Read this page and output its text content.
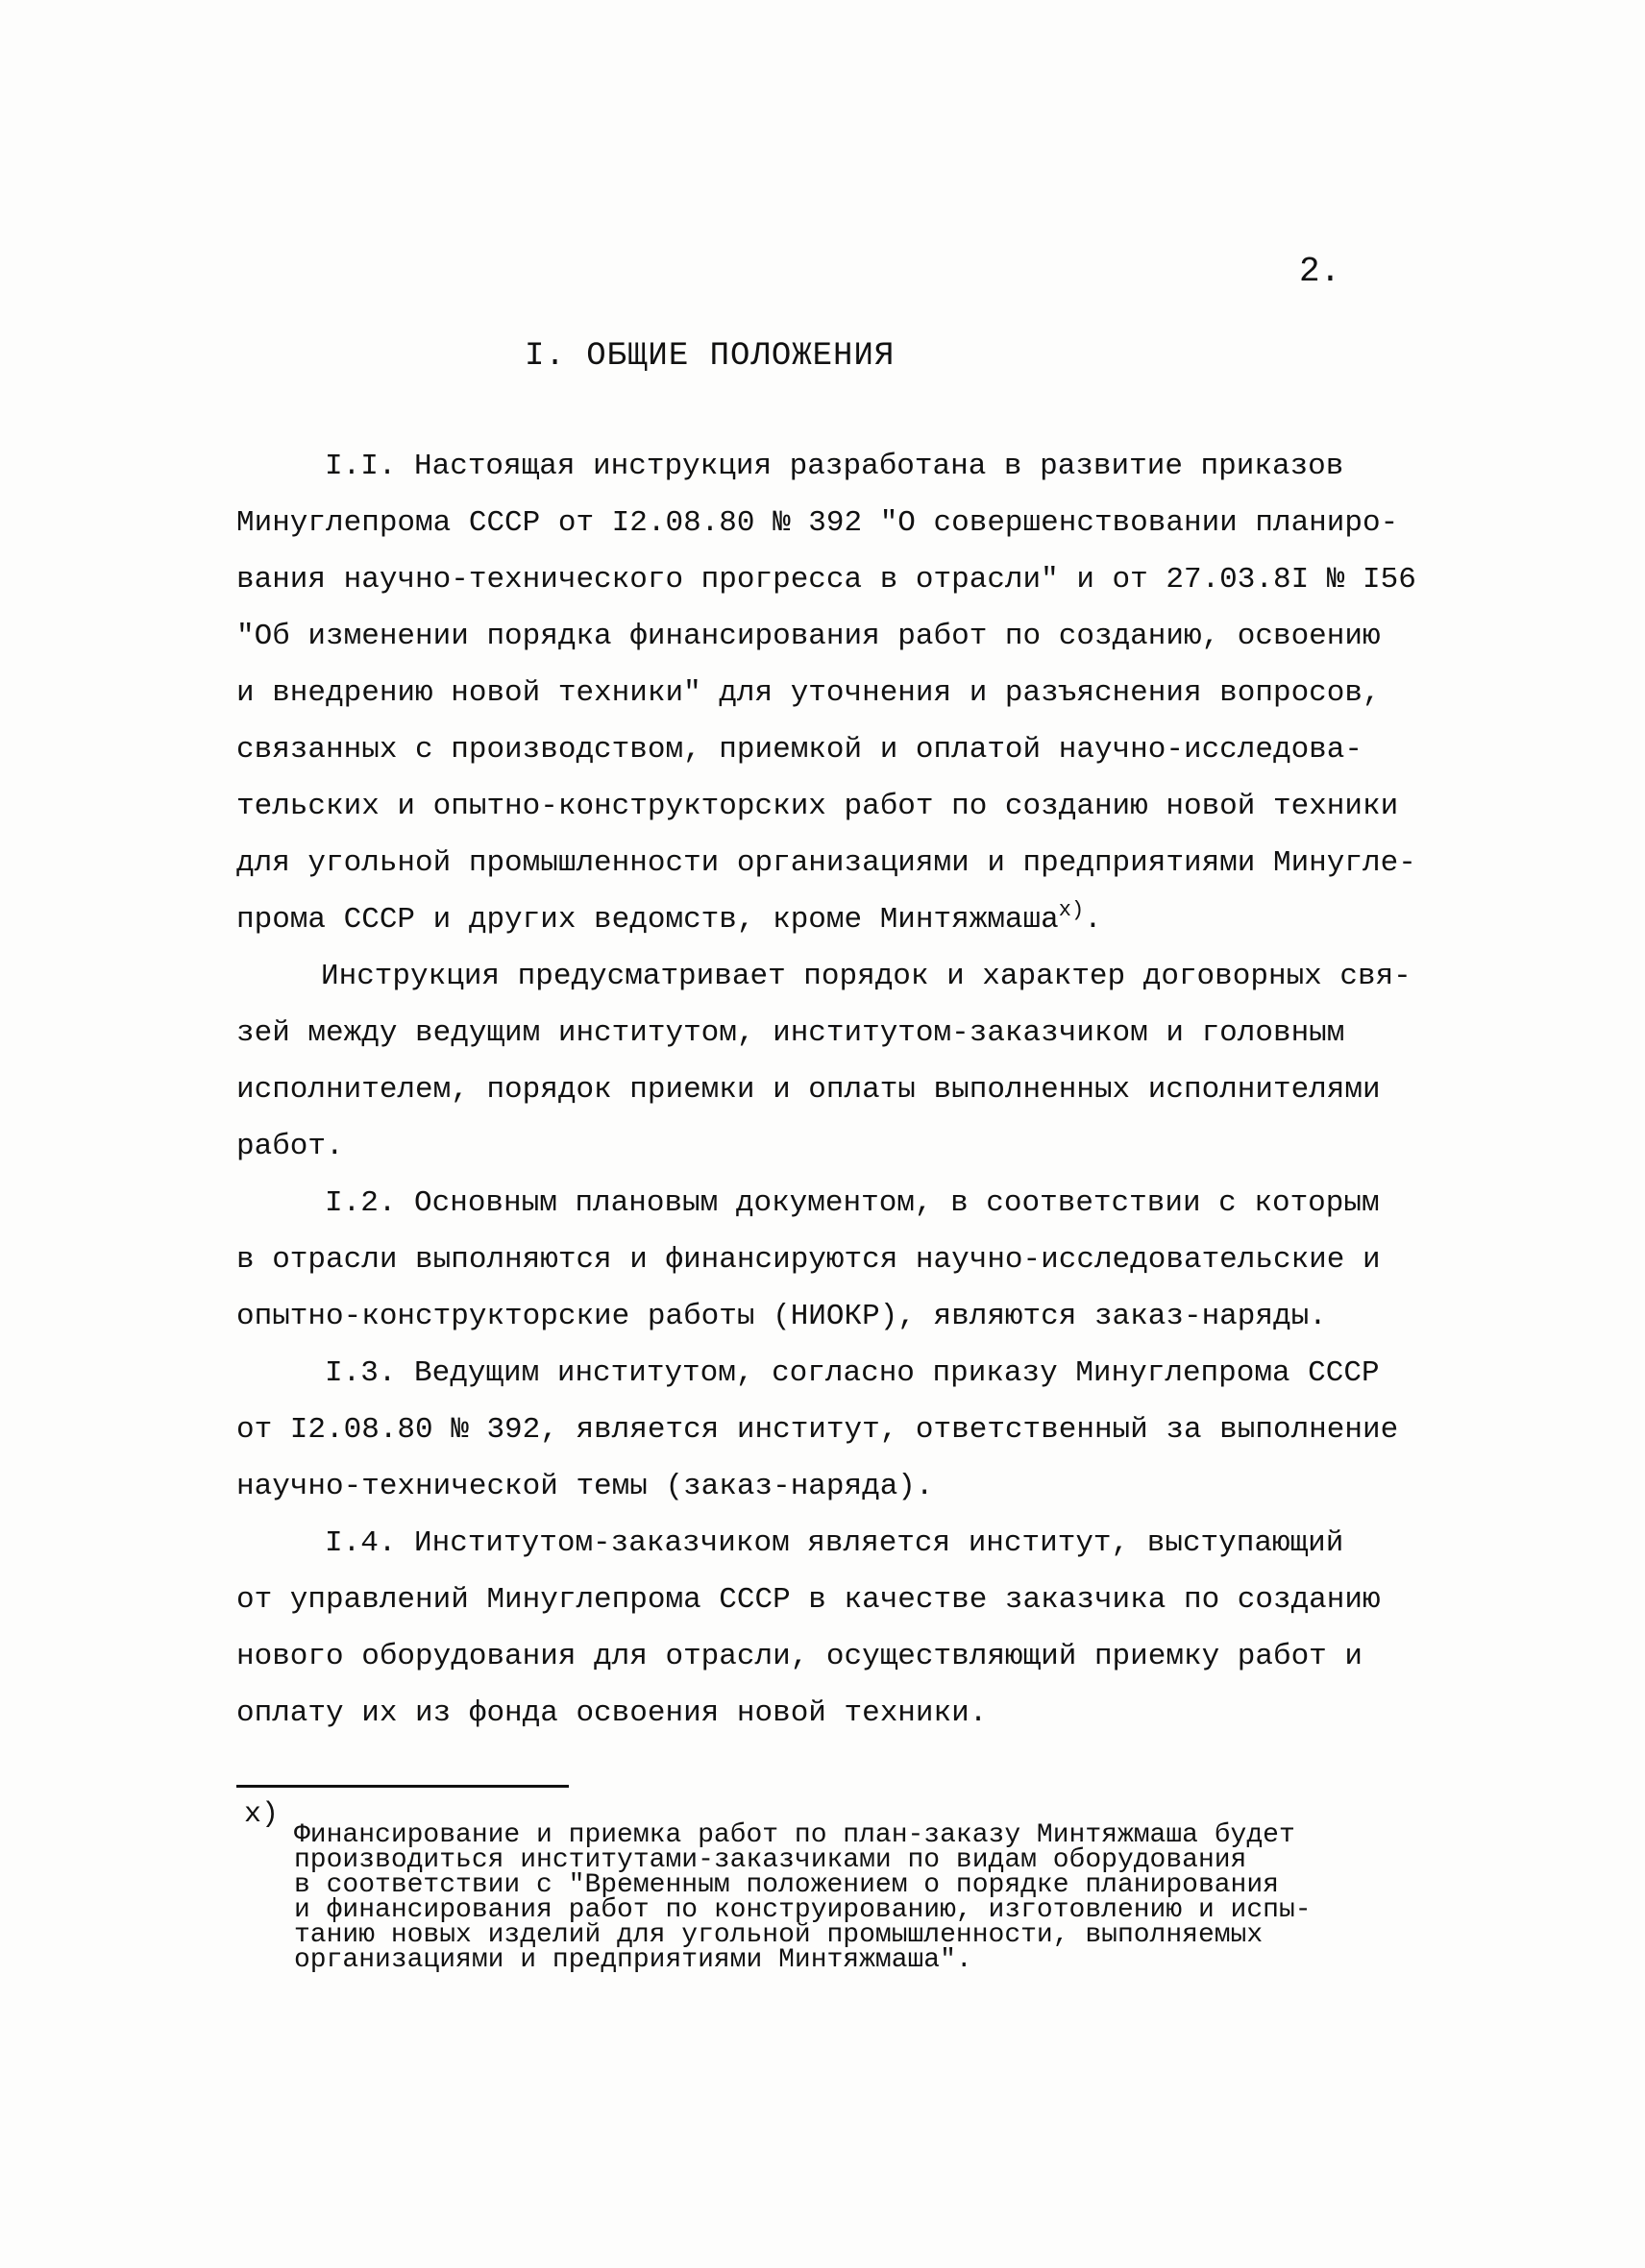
2.
I. ОБЩИЕ ПОЛОЖЕНИЯ
I.I. Настоящая инструкция разработана в развитие приказов
Минуглепрома СССР от I2.08.80 № 392 "О совершенствовании планиро-
вания научно-технического прогресса в отрасли" и от 27.03.8I № I56
"Об изменении порядка финансирования работ по созданию, освоению
и внедрению новой техники" для уточнения и разъяснения вопросов,
связанных с производством, приемкой и оплатой научно-исследова-
тельских и опытно-конструкторских работ по созданию новой техники
для угольной промышленности организациями и предприятиями Минугле-
прома СССР и других ведомств, кроме Минтяжмаша$^{x)}$.
Инструкция предусматривает порядок и характер договорных свя-
зей между ведущим институтом, институтом-заказчиком и головным
исполнителем, порядок приемки и оплаты выполненных исполнителями
работ.
I.2. Основным плановым документом, в соответствии с которым
в отрасли выполняются и финансируются научно-исследовательские и
опытно-конструкторские работы (НИОКР), являются заказ-наряды.
I.3. Ведущим институтом, согласно приказу Минуглепрома СССР
от I2.08.80 № 392, является институт, ответственный за выполнение
научно-технической темы (заказ-наряда).
I.4. Институтом-заказчиком является институт, выступающий
от управлений Минуглепрома СССР в качестве заказчика по созданию
нового оборудования для отрасли, осуществляющий приемку работ и
оплату их из фонда освоения новой техники.
x)
Финансирование и приемка работ по план-заказу Минтяжмаша будет
производиться институтами-заказчиками по видам оборудования
в соответствии с "Временным положением о порядке планирования
и финансирования работ по конструированию, изготовлению и испы-
танию новых изделий для угольной промышленности, выполняемых
организациями и предприятиями Минтяжмаша".
